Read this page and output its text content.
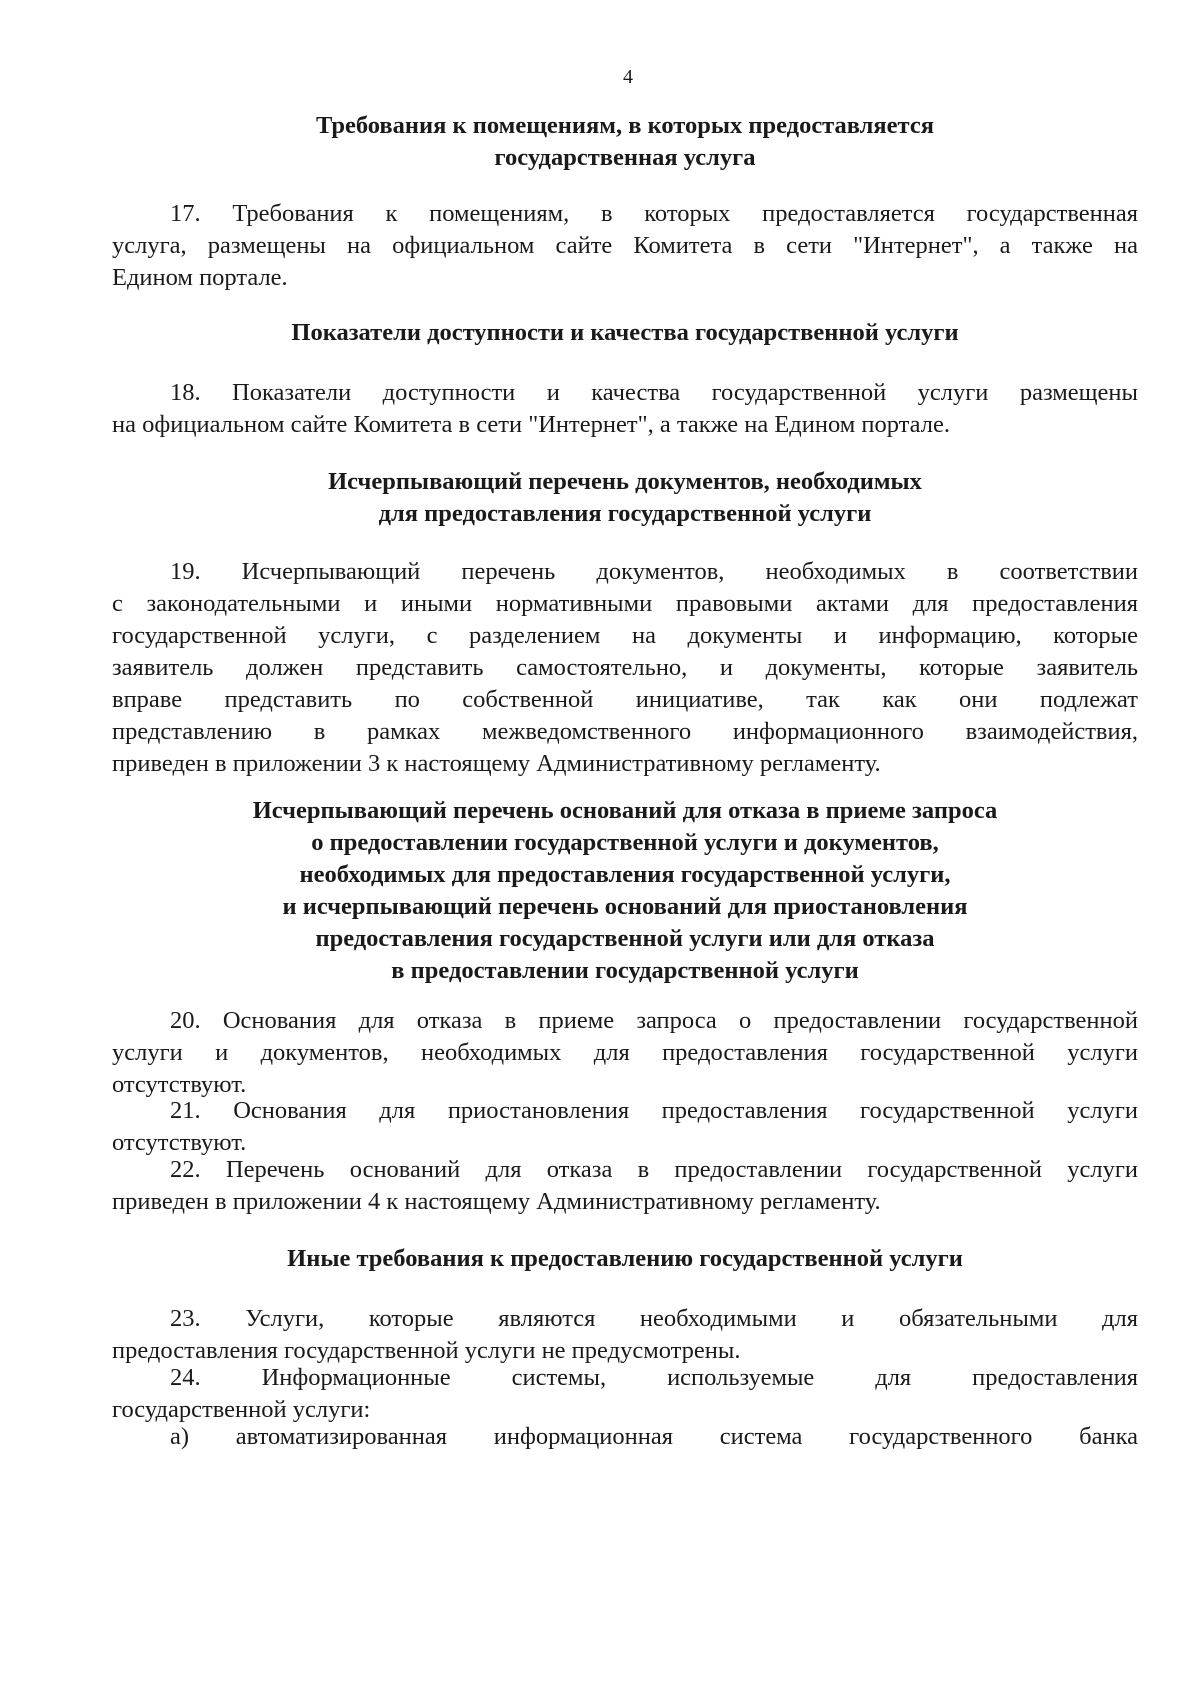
4
Требования к помещениям, в которых предоставляется
государственная услуга
17. Требования к помещениям, в которых предоставляется государственная
услуга, размещены на официальном сайте Комитета в сети "Интернет", а также на
Едином портале.
Показатели доступности и качества государственной услуги
18. Показатели доступности и качества государственной услуги размещены
на официальном сайте Комитета в сети "Интернет", а также на Едином портале.
Исчерпывающий перечень документов, необходимых
для предоставления государственной услуги
19. Исчерпывающий перечень документов, необходимых в соответствии
с законодательными и иными нормативными правовыми актами для предоставления
государственной услуги, с разделением на документы и информацию, которые
заявитель должен представить самостоятельно, и документы, которые заявитель
вправе представить по собственной инициативе, так как они подлежат
представлению в рамках межведомственного информационного взаимодействия,
приведен в приложении 3 к настоящему Административному регламенту.
Исчерпывающий перечень оснований для отказа в приеме запроса
о предоставлении государственной услуги и документов,
необходимых для предоставления государственной услуги,
и исчерпывающий перечень оснований для приостановления
предоставления государственной услуги или для отказа
в предоставлении государственной услуги
20. Основания для отказа в приеме запроса о предоставлении государственной
услуги и документов, необходимых для предоставления государственной услуги
отсутствуют.
21. Основания для приостановления предоставления государственной услуги
отсутствуют.
22. Перечень оснований для отказа в предоставлении государственной услуги
приведен в приложении 4 к настоящему Административному регламенту.
Иные требования к предоставлению государственной услуги
23. Услуги, которые являются необходимыми и обязательными для
предоставления государственной услуги не предусмотрены.
24. Информационные системы, используемые для предоставления
государственной услуги:
а) автоматизированная информационная система государственного банка
